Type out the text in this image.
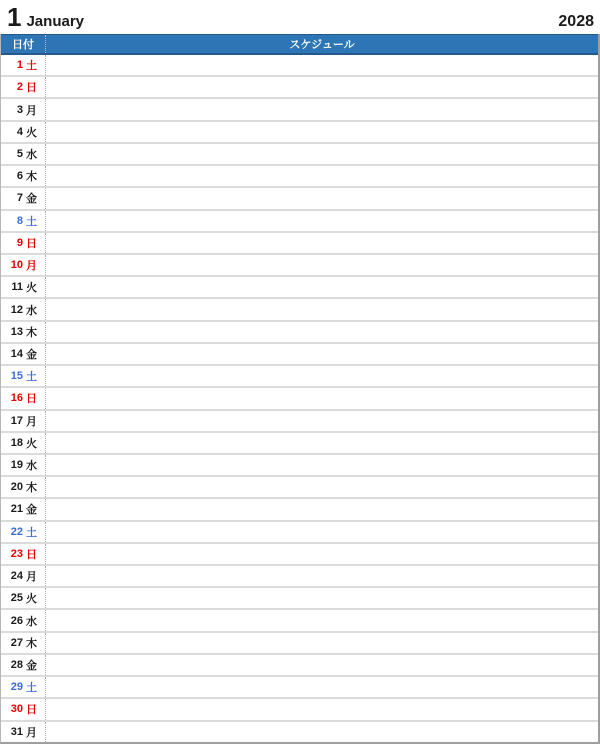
1 January	2028
日付	スケジュール
1 土
2 日
3 月
4 火
5 水
6 木
7 金
8 土
9 日
10 月
11 火
12 水
13 木
14 金
15 土
16 日
17 月
18 火
19 水
20 木
21 金
22 土
23 日
24 月
25 火
26 水
27 木
28 金
29 土
30 日
31 月
